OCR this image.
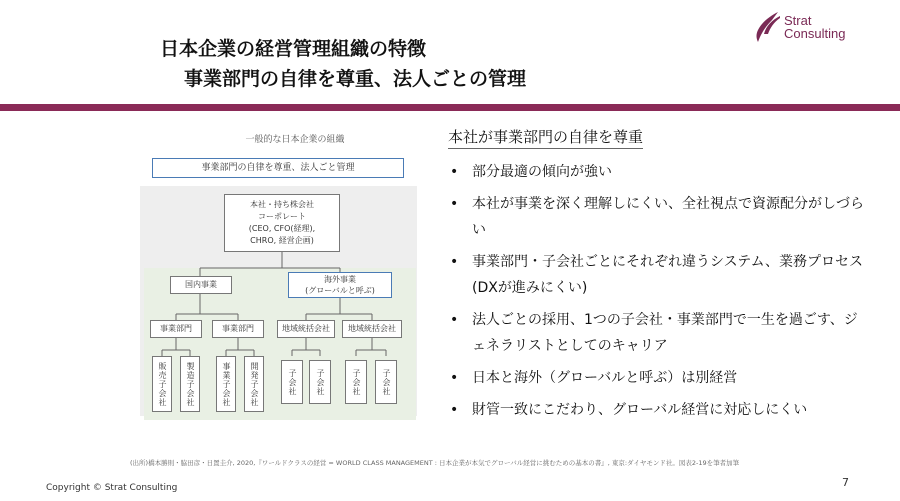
日本企業の経営管理組織の特徴
事業部門の自律を尊重、法人ごとの管理
Strat
Consulting
一般的な日本企業の組織
事業部門の自律を尊重、法人ごと管理
本社・持ち株会社
コーポレート
(CEO, CFO(経理),
CHRO, 経営企画)
国内事業
海外事業
(グローバルと呼ぶ)
事業部門	事業部門	地域統括会社	地域統括会社
販売子会社	製造子会社	事業子会社	開発子会社	子会社	子会社	子会社	子会社
本社が事業部門の自律を尊重
• 部分最適の傾向が強い
• 本社が事業を深く理解しにくい、全社視点で資源配分がしづらい
• 事業部門・子会社ごとにそれぞれ違うシステム、業務プロセス　(DXが進みにくい)
• 法人ごとの採用、1つの子会社・事業部門で一生を過ごす、ジェネラリストとしてのキャリア
• 日本と海外（グローバルと呼ぶ）は別経営
• 財管一致にこだわり、グローバル経営に対応しにくい
(出所)橋本勝則・脇田彦・日置圭介, 2020,『ワールドクラスの経営 = WORLD CLASS MANAGEMENT : 日本企業が本気でグローバル経営に挑むための基本の書』, 東京:ダイヤモンド社。図表2-19を筆者加筆
Copyright © Strat Consulting	7
